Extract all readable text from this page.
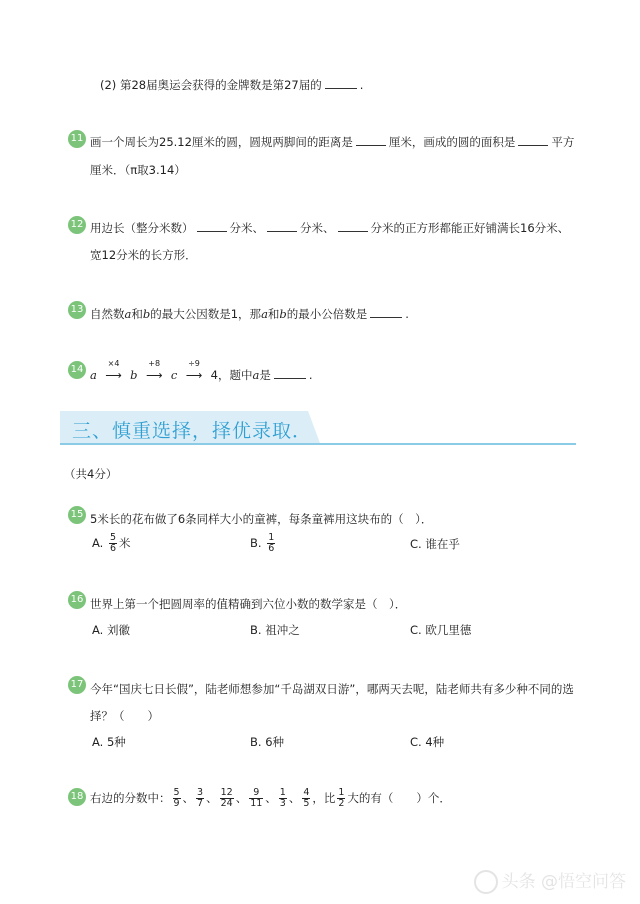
(2) 第28届奥运会获得的金牌数是第27届的	.
11 画一个周长为25.12厘米的圆，圆规两脚间的距离是	厘米，画成的圆的面积是	平方
厘米．（π取3.14）
12 用边长（整分米数）	分米、	分米、	分米的正方形都能正好铺满长16分米、
宽12分米的长方形．
13 自然数a和b的最大公因数是1，那a和b的最小公倍数是	.
14 a
×4
⟶ b
+8
⟶ c
÷9
⟶ 4，题中a是	.
三、慎重选择，择优录取．
（共4分）
15 5米长的花布做了6条同样大小的童裤，每条童裤用这块布的（　）．
A. $\frac{5}{6}$ 米	B. $\frac{1}{6}$	C. 谁在乎
16 世界上第一个把圆周率的值精确到六位小数的数学家是（　）．
A. 刘徽	B. 祖冲之	C. 欧几里德
17 今年“国庆七日长假”，陆老师想参加“千岛湖双日游”，哪两天去呢，陆老师共有多少种不同的选
择？（　　）
A. 5种	B. 6种	C. 4种
18 右边的分数中： $\frac{5}{9}$ 、 $\frac{3}{7}$ 、 $\frac{12}{24}$ 、 $\frac{9}{11}$ 、 $\frac{1}{3}$ 、 $\frac{4}{5}$ ，比 $\frac{1}{2}$ 大的有（　　）个．
头条 @悟空问答
